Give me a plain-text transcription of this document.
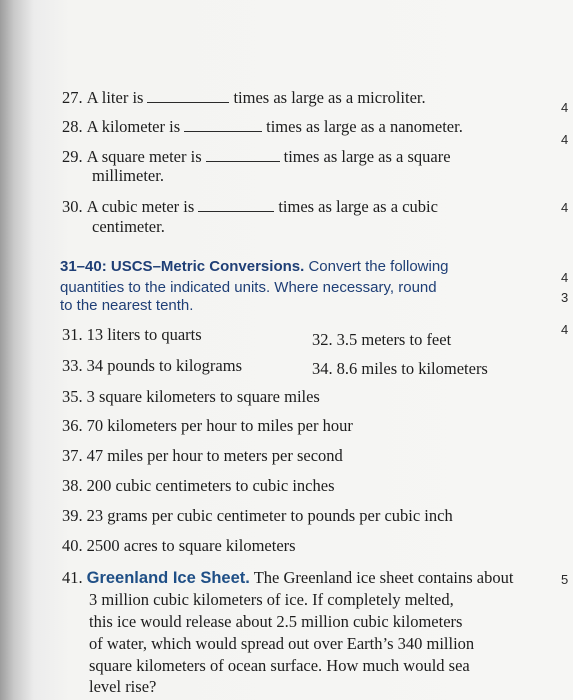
27. A liter is	times as large as a microliter.
28. A kilometer is	times as large as a nanometer.
29. A square meter is	times as large as a square
millimeter.
30. A cubic meter is	times as large as a cubic
centimeter.
31–40: USCS–Metric Conversions. Convert the following
quantities to the indicated units. Where necessary, round
to the nearest tenth.
31. 13 liters to quarts	32. 3.5 meters to feet
33. 34 pounds to kilograms	34. 8.6 miles to kilometers
35. 3 square kilometers to square miles
36. 70 kilometers per hour to miles per hour
37. 47 miles per hour to meters per second
38. 200 cubic centimeters to cubic inches
39. 23 grams per cubic centimeter to pounds per cubic inch
40. 2500 acres to square kilometers
41. Greenland Ice Sheet. The Greenland ice sheet contains about
3 million cubic kilometers of ice. If completely melted,
this ice would release about 2.5 million cubic kilometers
of water, which would spread out over Earth’s 340 million
square kilometers of ocean surface. How much would sea
level rise?
4
4
4
4
3
4
5
